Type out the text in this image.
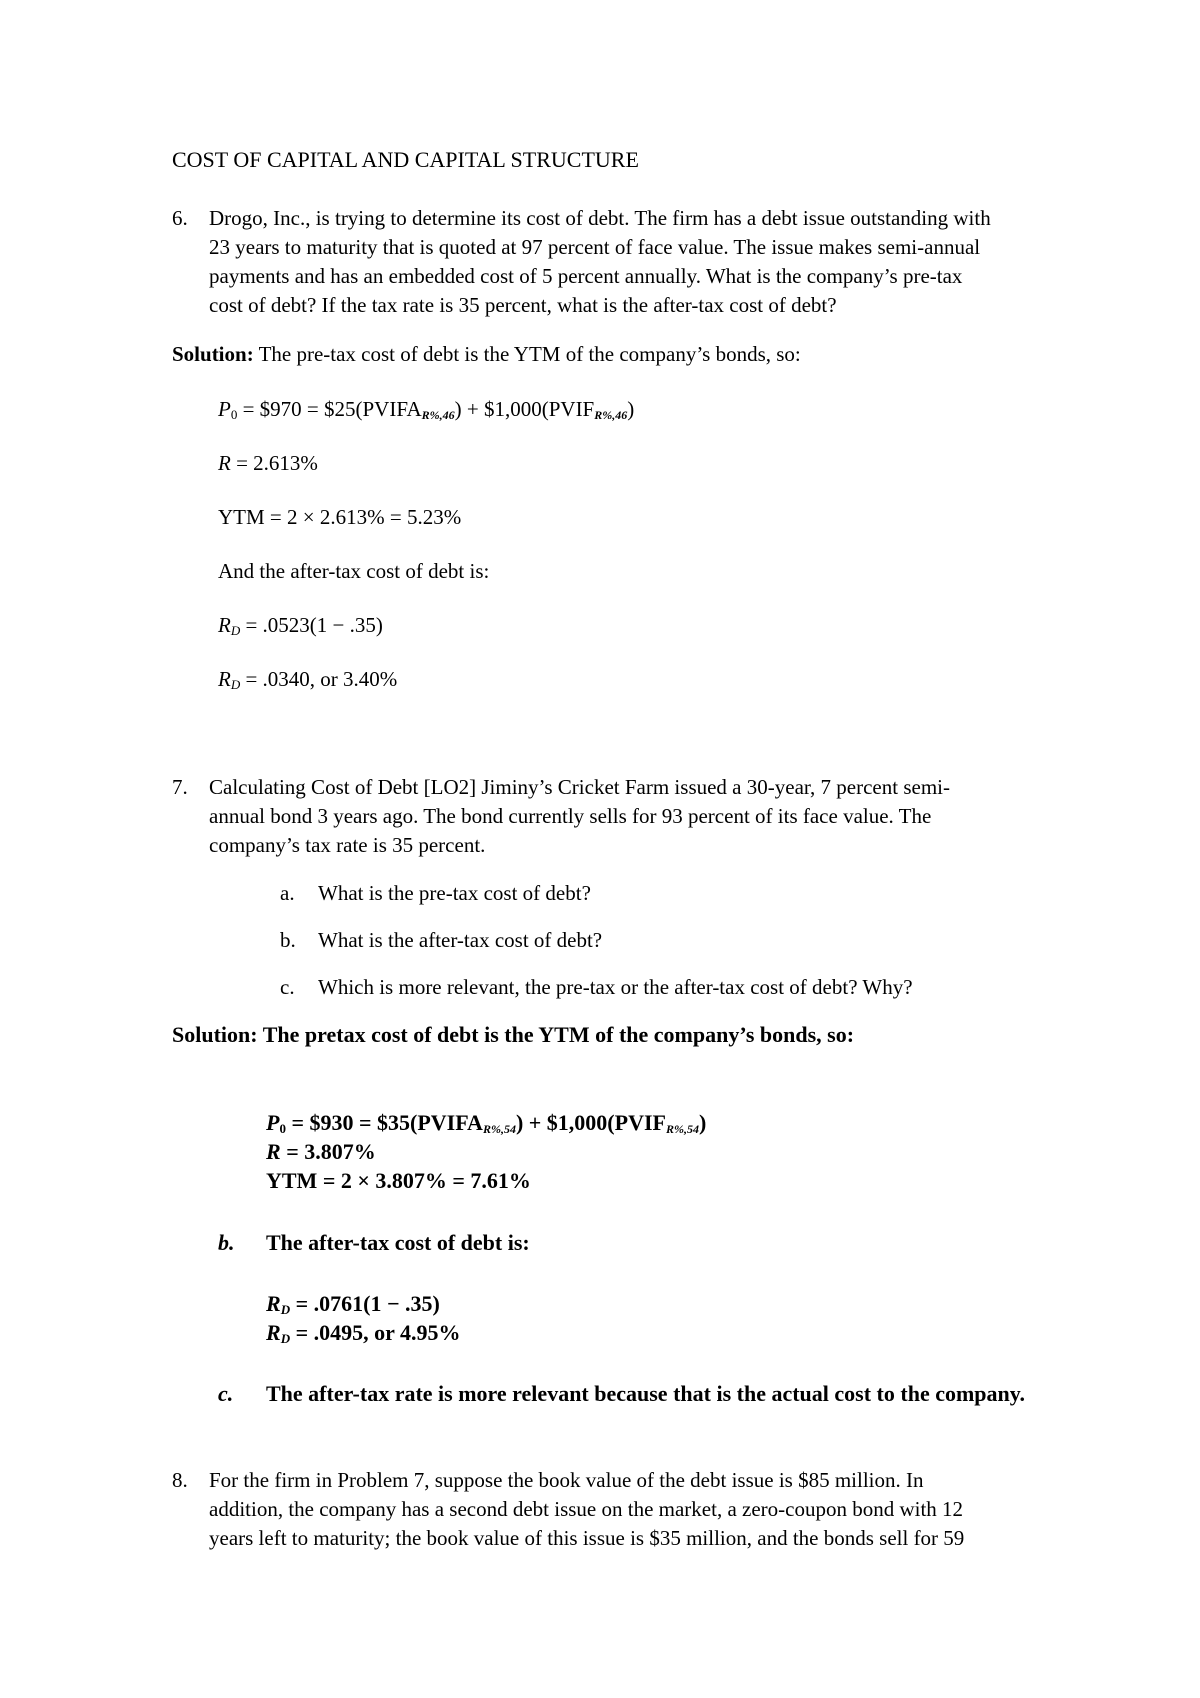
COST OF CAPITAL AND CAPITAL STRUCTURE
6. Drogo, Inc., is trying to determine its cost of debt. The firm has a debt issue outstanding with
23 years to maturity that is quoted at 97 percent of face value. The issue makes semi-annual
payments and has an embedded cost of 5 percent annually. What is the company’s pre-tax
cost of debt? If the tax rate is 35 percent, what is the after-tax cost of debt?
Solution: The pre-tax cost of debt is the YTM of the company’s bonds, so:
$P_0$ = $970 = $\$25(PVIFA_{R\%,46})$ + $\$1,000(PVIF_{R\%,46})$
R = 2.613%
YTM = 2 × 2.613% = 5.23%
And the after-tax cost of debt is:
$R_D = .0523(1 - .35)$
$R_D = .0340$, or 3.40%
7. Calculating Cost of Debt [LO2] Jiminy’s Cricket Farm issued a 30-year, 7 percent semi-
annual bond 3 years ago. The bond currently sells for 93 percent of its face value. The
company’s tax rate is 35 percent.
a. What is the pre-tax cost of debt?
b. What is the after-tax cost of debt?
c. Which is more relevant, the pre-tax or the after-tax cost of debt? Why?
Solution: The pretax cost of debt is the YTM of the company’s bonds, so:
$P_0$ = $930 = $\$35(PVIFA_{R\%,54})$ + $\$1,000(PVIF_{R\%,54})$
R = 3.807%
YTM = 2 × 3.807% = 7.61%
b. The after-tax cost of debt is:
$R_D = .0761(1 - .35)$
$R_D = .0495$, or 4.95%
c. The after-tax rate is more relevant because that is the actual cost to the company.
8. For the firm in Problem 7, suppose the book value of the debt issue is $85 million. In
addition, the company has a second debt issue on the market, a zero-coupon bond with 12
years left to maturity; the book value of this issue is $35 million, and the bonds sell for 59
